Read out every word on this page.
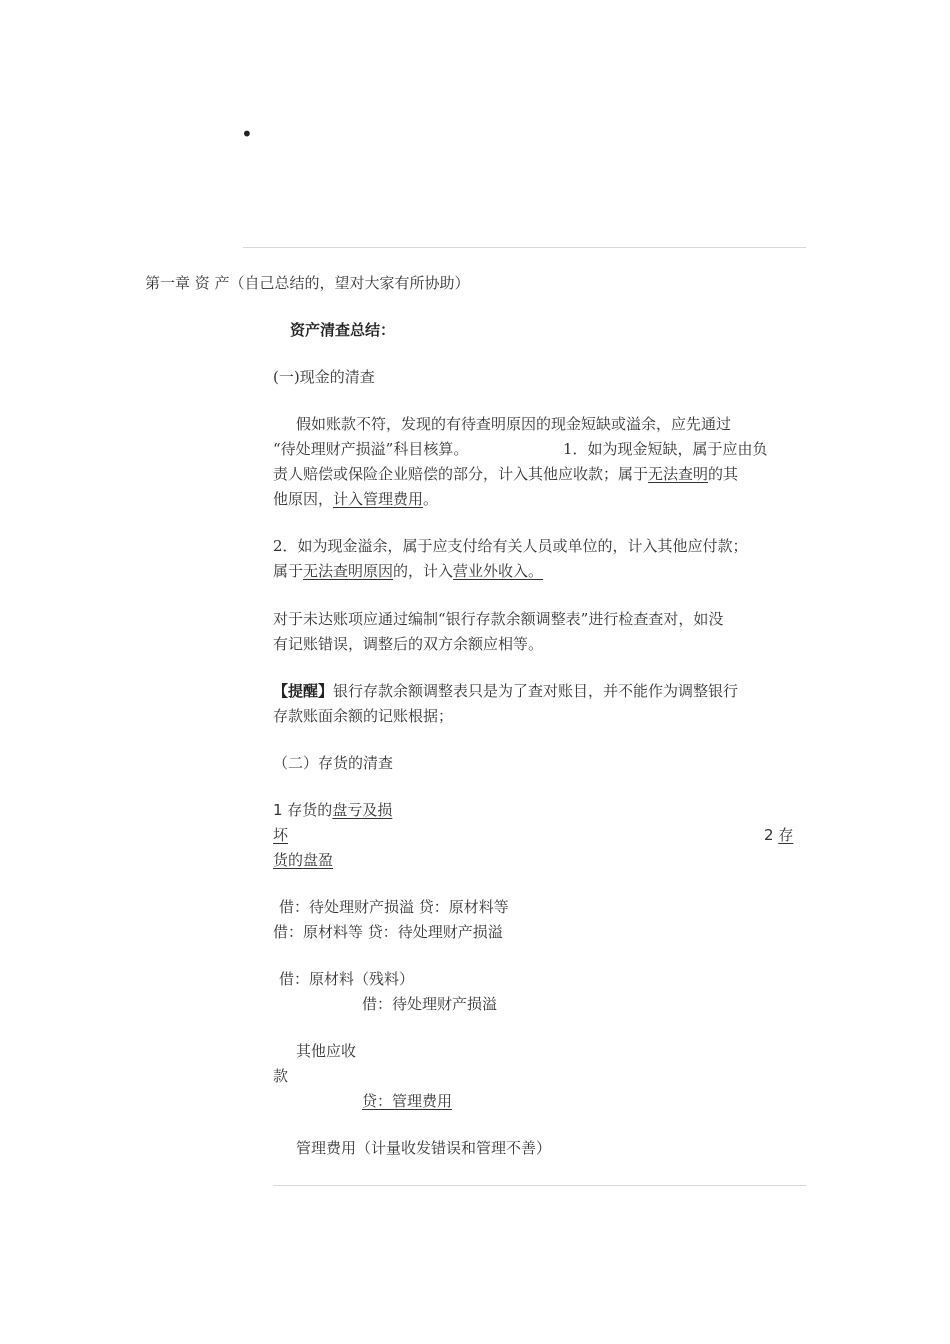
•
第一章 资 产（自己总结的，望对大家有所协助）
资产清查总结：
(一)现金的清查
假如账款不符，发现的有待查明原因的现金短缺或溢余，应先通过
“待处理财产损溢”科目核算。	1．如为现金短缺，属于应由负
责人赔偿或保险企业赔偿的部分，计入其他应收款；属于无法查明的其
他原因，计入管理费用。
2．如为现金溢余，属于应支付给有关人员或单位的，计入其他应付款；
属于无法查明原因的，计入营业外收入。
对于未达账项应通过编制“银行存款余额调整表”进行检查查对，如没
有记账错误，调整后的双方余额应相等。
【提醒】银行存款余额调整表只是为了查对账目，并不能作为调整银行
存款账面余额的记账根据；
（二）存货的清查
1 存货的盘亏及损
坏	2 存
货的盘盈
借：待处理财产损溢 贷：原材料等
借：原材料等 贷：待处理财产损溢
借：原材料（残料）
借：待处理财产损溢
其他应收
款
贷：管理费用
管理费用（计量收发错误和管理不善）
